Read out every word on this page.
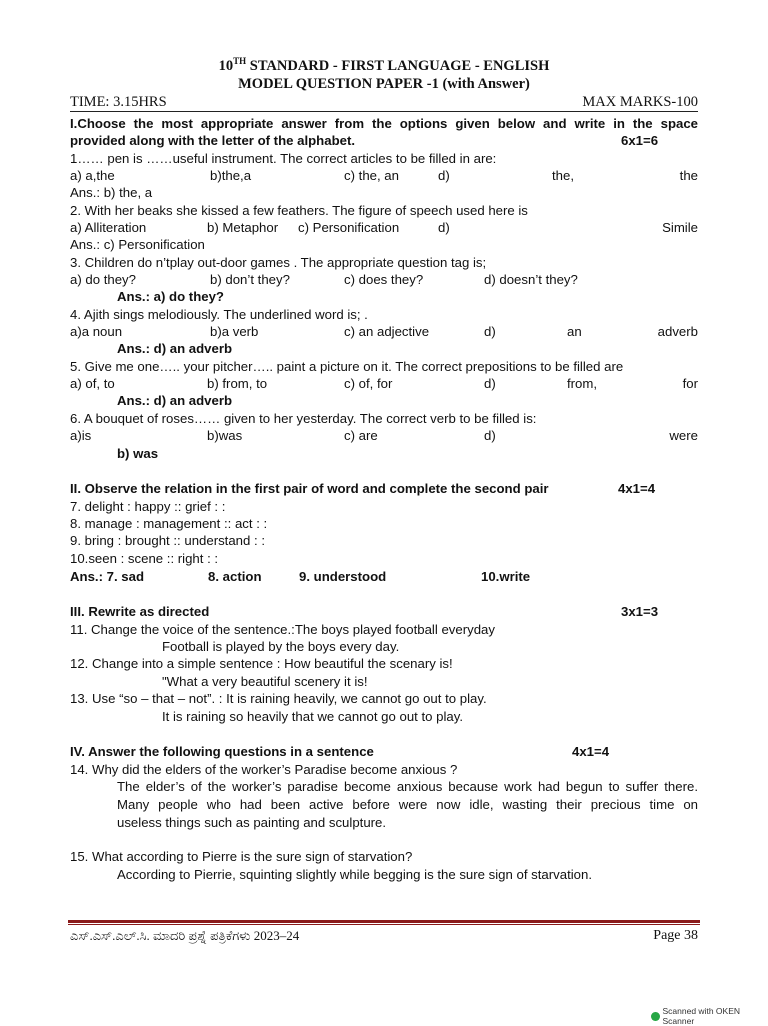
10TH STANDARD - FIRST LANGUAGE - ENGLISH
MODEL QUESTION PAPER -1 (with Answer)
TIME: 3.15HRS	MAX MARKS-100
I.Choose the most appropriate answer from the options given below and write in the space
provided along with the letter of the alphabet.	6x1=6
1…… pen is ……useful instrument. The correct articles to be filled in are:
a) a,the	b)the,a	c) the, an	d)	the,	the
Ans.: b) the, a
2. With her beaks she kissed a few feathers. The figure of speech used here is
a) Alliteration	b) Metaphor c) Personification	d)	Simile
Ans.: c) Personification
3. Children do n’tplay out-door games . The appropriate question tag is;
a) do they?	b) don’t they?	c) does they?	d) doesn’t they?
Ans.: a) do they?
4. Ajith sings melodiously. The underlined word is; .
a)a noun	b)a verb	c) an adjective	d)	an	adverb
Ans.: d) an adverb
5. Give me one….. your pitcher….. paint a picture on it. The correct prepositions to be filled are
a) of, to	b) from, to	c) of, for	d)	from,	for
Ans.: d) an adverb
6. A bouquet of roses…… given to her yesterday. The correct verb to be filled is:
a)is	b)was	c) are	d)	were
b) was
II. Observe the relation in the first pair of word and complete the second pair	4x1=4
7. delight : happy :: grief : :
8. manage : management :: act : :
9. bring : brought :: understand : :
10.seen : scene :: right : :
Ans.: 7. sad	8. action	9. understood	10.write
III. Rewrite as directed	3x1=3
11. Change the voice of the sentence.:The boys played football everyday
Football is played by the boys every day.
12. Change into a simple sentence : How beautiful the scenary is!
"What a very beautiful scenery it is!
13. Use “so – that – not”. : It is raining heavily, we cannot go out to play.
It is raining so heavily that we cannot go out to play.
IV. Answer the following questions in a sentence	4x1=4
14. Why did the elders of the worker’s Paradise become anxious ?
The elder’s of the worker’s paradise become anxious because work had begun to suffer there.
Many people who had been active before were now idle, wasting their precious time on
useless things such as painting and sculpture.
15. What according to Pierre is the sure sign of starvation?
According to Pierrie, squinting slightly while begging is the sure sign of starvation.
ಎಸ್.ಎಸ್.ಎಲ್.ಸಿ. ಮಾದರಿ ಪ್ರಶ್ನೆ ಪತ್ರಿಕೆಗಳು 2023–24	Page 38
Scanned with OKEN Scanner
